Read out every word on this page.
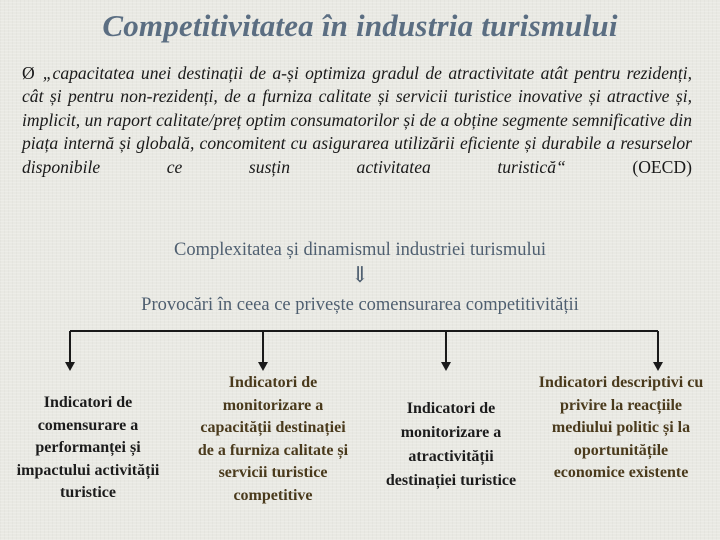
Competitivitatea în industria turismului
Ø „capacitatea unei destinații de a-și optimiza gradul de atractivitate atât pentru rezidenți, cât și pentru non-rezidenți, de a furniza calitate și servicii turistice inovative și atractive și, implicit, un raport calitate/preț optim consumatorilor și de a obține segmente semnificative din piața internă și globală, concomitent cu asigurarea utilizării eficiente și durabile a resurselor disponibile ce susțin activitatea turistică“	(OECD)
Complexitatea și dinamismul industriei turismului
⇓
Provocări în ceea ce privește comensurarea competitivității
Indicatori de comensurare a performanței și impactului activității turistice
Indicatori de monitorizare a capacității destinației de a furniza calitate și servicii turistice competitive
Indicatori de monitorizare a atractivității destinației turistice
Indicatori descriptivi cu privire la reacțiile mediului politic și la oportunitățile economice existente
